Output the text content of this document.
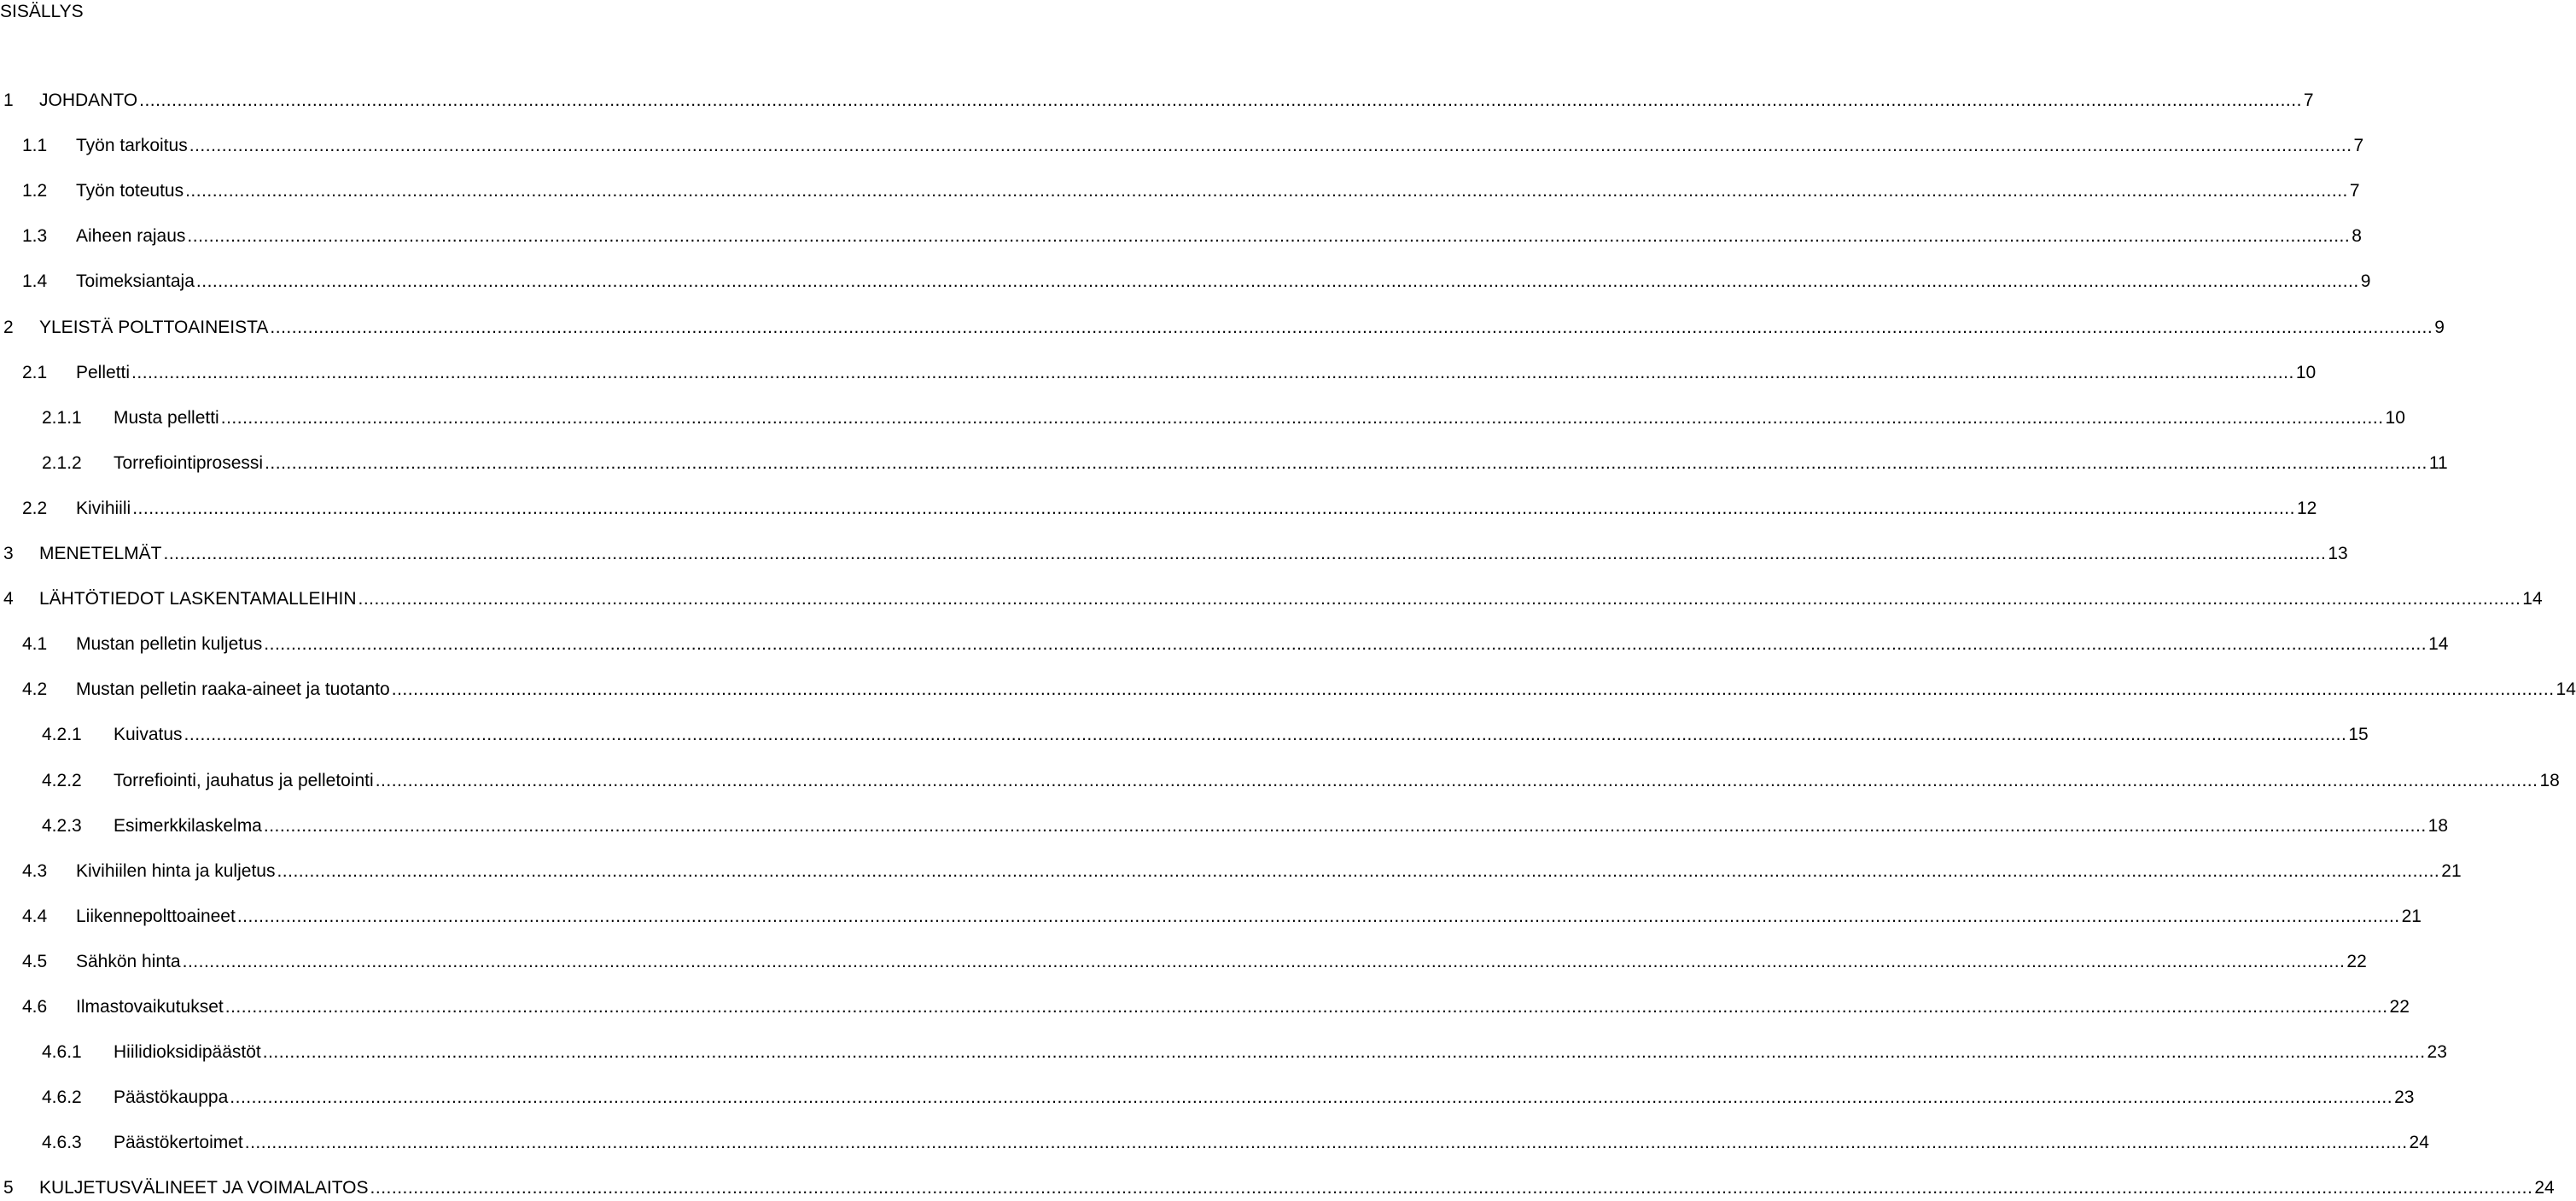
SISÄLLYS
1 JOHDANTO ................................................................................................................................................................................................................................................................................................................................................................................................................ 7
1.1 Työn tarkoitus ................................................................................................................................................................................................................................................................................................................................................................................................................ 7
1.2 Työn toteutus ................................................................................................................................................................................................................................................................................................................................................................................................................ 7
1.3 Aiheen rajaus ................................................................................................................................................................................................................................................................................................................................................................................................................ 8
1.4 Toimeksiantaja ................................................................................................................................................................................................................................................................................................................................................................................................................ 9
2 YLEISTÄ POLTTOAINEISTA ................................................................................................................................................................................................................................................................................................................................................................................................................ 9
2.1 Pelletti ................................................................................................................................................................................................................................................................................................................................................................................................................ 10
2.1.1 Musta pelletti ................................................................................................................................................................................................................................................................................................................................................................................................................ 10
2.1.2 Torrefiointiprosessi ................................................................................................................................................................................................................................................................................................................................................................................................................ 11
2.2 Kivihiili ................................................................................................................................................................................................................................................................................................................................................................................................................ 12
3 MENETELMÄT ................................................................................................................................................................................................................................................................................................................................................................................................................ 13
4 LÄHTÖTIEDOT LASKENTAMALLEIHIN ................................................................................................................................................................................................................................................................................................................................................................................................................ 14
4.1 Mustan pelletin kuljetus ................................................................................................................................................................................................................................................................................................................................................................................................................ 14
4.2 Mustan pelletin raaka-aineet ja tuotanto ................................................................................................................................................................................................................................................................................................................................................................................................................ 14
4.2.1 Kuivatus ................................................................................................................................................................................................................................................................................................................................................................................................................ 15
4.2.2 Torrefiointi, jauhatus ja pelletointi ................................................................................................................................................................................................................................................................................................................................................................................................................ 18
4.2.3 Esimerkkilaskelma ................................................................................................................................................................................................................................................................................................................................................................................................................ 18
4.3 Kivihiilen hinta ja kuljetus ................................................................................................................................................................................................................................................................................................................................................................................................................ 21
4.4 Liikennepolttoaineet ................................................................................................................................................................................................................................................................................................................................................................................................................ 21
4.5 Sähkön hinta ................................................................................................................................................................................................................................................................................................................................................................................................................ 22
4.6 Ilmastovaikutukset ................................................................................................................................................................................................................................................................................................................................................................................................................ 22
4.6.1 Hiilidioksidipäästöt ................................................................................................................................................................................................................................................................................................................................................................................................................ 23
4.6.2 Päästökauppa ................................................................................................................................................................................................................................................................................................................................................................................................................ 23
4.6.3 Päästökertoimet ................................................................................................................................................................................................................................................................................................................................................................................................................ 24
5 KULJETUSVÄLINEET JA VOIMALAITOS ................................................................................................................................................................................................................................................................................................................................................................................................................ 24
